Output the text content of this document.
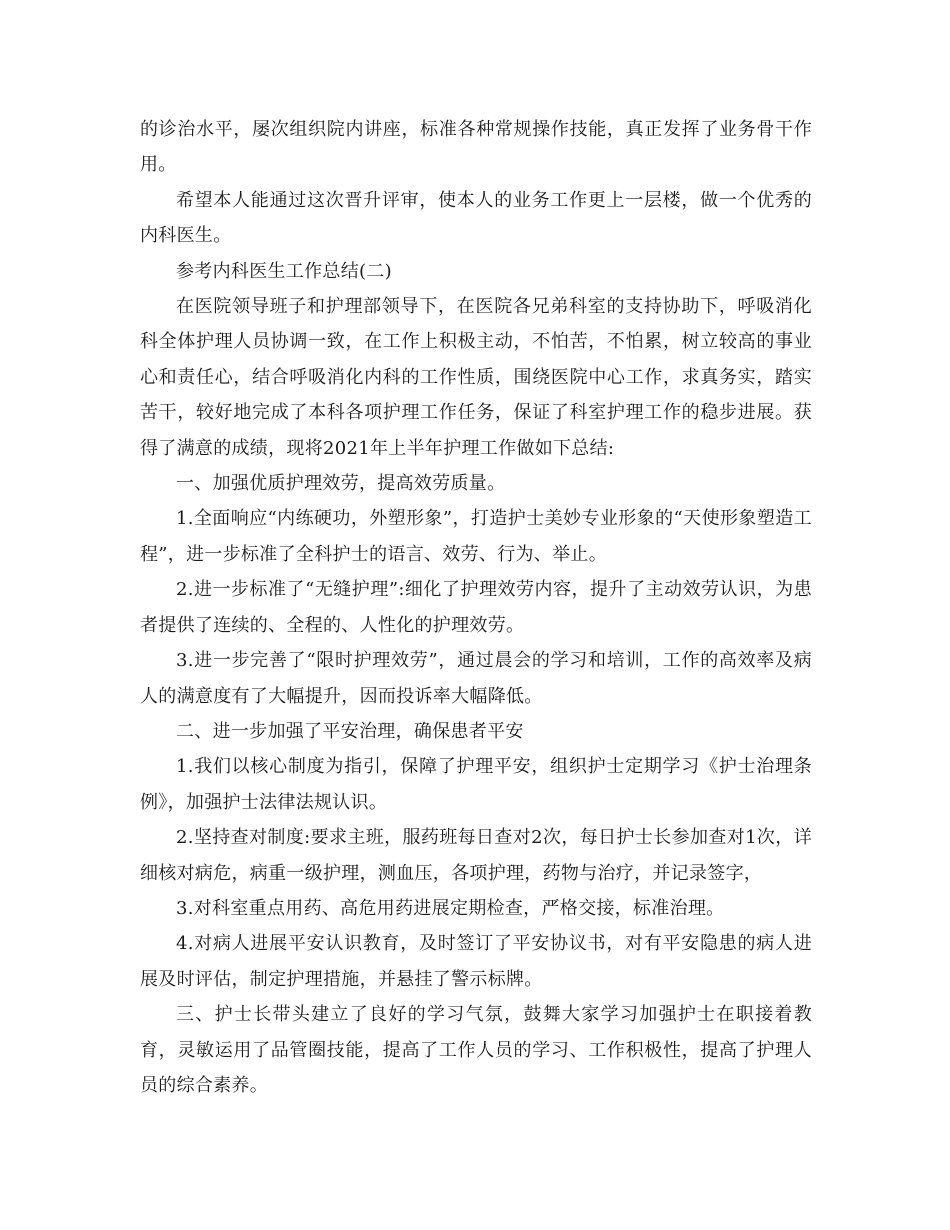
的诊治水平，屡次组织院内讲座，标准各种常规操作技能，真正发挥了业务骨干作用。

希望本人能通过这次晋升评审，使本人的业务工作更上一层楼，做一个优秀的内科医生。

参考内科医生工作总结(二)

在医院领导班子和护理部领导下，在医院各兄弟科室的支持协助下，呼吸消化科全体护理人员协调一致，在工作上积极主动，不怕苦，不怕累，树立较高的事业心和责任心，结合呼吸消化内科的工作性质，围绕医院中心工作，求真务实，踏实苦干，较好地完成了本科各项护理工作任务，保证了科室护理工作的稳步进展。获得了满意的成绩，现将2021年上半年护理工作做如下总结:

一、加强优质护理效劳，提高效劳质量。

1.全面响应“内练硬功，外塑形象”，打造护士美妙专业形象的“天使形象塑造工程”，进一步标准了全科护士的语言、效劳、行为、举止。

2.进一步标准了“无缝护理”:细化了护理效劳内容，提升了主动效劳认识，为患者提供了连续的、全程的、人性化的护理效劳。

3.进一步完善了“限时护理效劳”，通过晨会的学习和培训，工作的高效率及病人的满意度有了大幅提升，因而投诉率大幅降低。

二、进一步加强了平安治理，确保患者平安

1.我们以核心制度为指引，保障了护理平安，组织护士定期学习《护士治理条例》，加强护士法律法规认识。

2.坚持查对制度:要求主班，服药班每日查对2次，每日护士长参加查对1次，详细核对病危，病重一级护理，测血压，各项护理，药物与治疗，并记录签字，

3.对科室重点用药、高危用药进展定期检查，严格交接，标准治理。

4.对病人进展平安认识教育，及时签订了平安协议书，对有平安隐患的病人进展及时评估，制定护理措施，并悬挂了警示标牌。

三、护士长带头建立了良好的学习气氛，鼓舞大家学习加强护士在职接着教育，灵敏运用了品管圈技能，提高了工作人员的学习、工作积极性，提高了护理人员的综合素养。
